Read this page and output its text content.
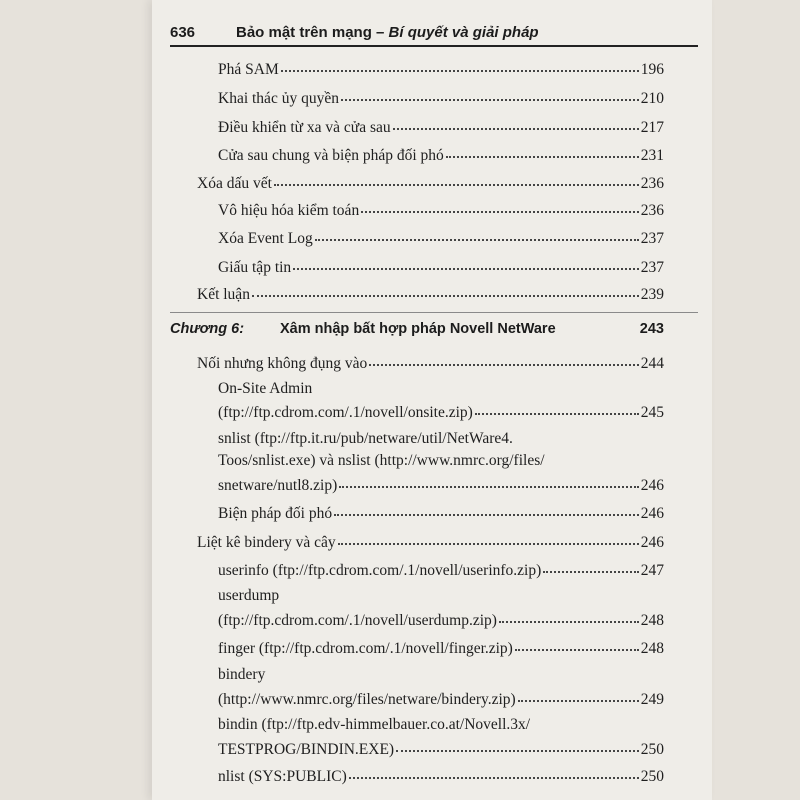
636	Bảo mật trên mạng – Bí quyết và giải pháp
Phá SAM	196
Khai thác ủy quyền	210
Điều khiển từ xa và cửa sau	217
Cửa sau chung và biện pháp đối phó	231
Xóa dấu vết	236
Vô hiệu hóa kiểm toán	236
Xóa Event Log	237
Giấu tập tin	237
Kết luận	239
Chương 6: Xâm nhập bất hợp pháp Novell NetWare	243
Nối nhưng không đụng vào	244
On-Site Admin
(ftp://ftp.cdrom.com/.1/novell/onsite.zip)	245
snlist (ftp://ftp.it.ru/pub/netware/util/NetWare4.
Toos/snlist.exe) và nslist (http://www.nmrc.org/files/
snetware/nutl8.zip)	246
Biện pháp đối phó	246
Liệt kê bindery và cây	246
userinfo (ftp://ftp.cdrom.com/.1/novell/userinfo.zip)	247
userdump
(ftp://ftp.cdrom.com/.1/novell/userdump.zip)	248
finger (ftp://ftp.cdrom.com/.1/novell/finger.zip)	248
bindery
(http://www.nmrc.org/files/netware/bindery.zip)	249
bindin (ftp://ftp.edv-himmelbauer.co.at/Novell.3x/
TESTPROG/BINDIN.EXE)	250
nlist (SYS:PUBLIC)	250
